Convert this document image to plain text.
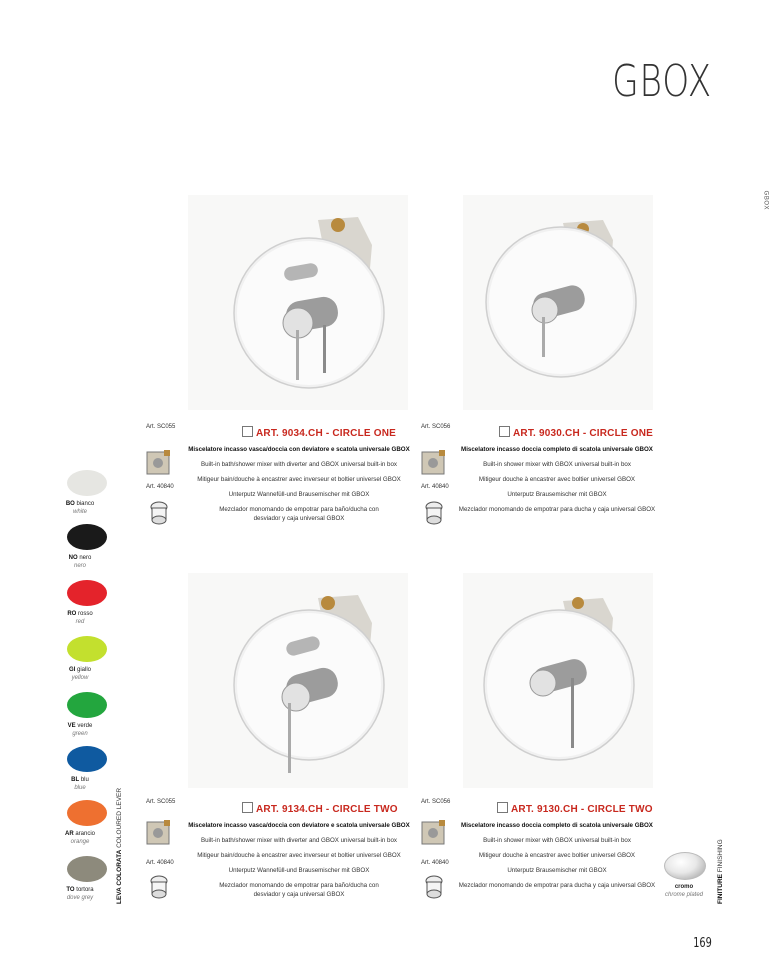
GBOX
GBOX
Art. SC055
Art. 40840
ART. 9034.CH - CIRCLE ONE
Miscelatore incasso vasca/doccia con deviatore e scatola universale GBOX
Built-in bath/shower mixer with diverter and GBOX universal built-in box
Mitigeur bain/douche à encastrer avec inverseur et boltier universel GBOX
Unterputz Wannefüll-und Brausemischer mit GBOX
Mezclador monomando de empotrar para baño/ducha con desviador y caja universal GBOX
Art. SC056
Art. 40840
ART. 9030.CH - CIRCLE ONE
Miscelatore incasso doccia completo di scatola universale GBOX
Built-in shower mixer with GBOX universal built-in box
Mitigeur douche à encastrer avec boltier universel GBOX
Unterputz Brausemischer mit GBOX
Mezclador monomando de empotrar para ducha y caja universal GBOX
Art. SC055
Art. 40840
ART. 9134.CH - CIRCLE TWO
Miscelatore incasso vasca/doccia con deviatore e scatola universale GBOX
Built-in bath/shower mixer with diverter and GBOX universal built-in box
Mitigeur bain/douche à encastrer avec inverseur et boltier universel GBOX
Unterputz Wannefüll-und Brausemischer mit GBOX
Mezclador monomando de empotrar para baño/ducha con desviador y caja universal GBOX
Art. SC056
Art. 40840
ART. 9130.CH - CIRCLE TWO
Miscelatore incasso doccia completo di scatola universale GBOX
Built-in shower mixer with GBOX universal built-in box
Mitigeur douche à encastrer avec boltier universel GBOX
Unterputz Brausemischer mit GBOX
Mezclador monomando de empotrar para ducha y caja universal GBOX
BO bianco
white
NO nero
nero
RO rosso
red
GI giallo
yellow
VE verde
green
BL blu
blue
AR arancio
orange
TO tortora
dove grey	LEVA COLORATA COLOURED LEVER
FINITURE FINISHING
cromo
chrome plated
169
